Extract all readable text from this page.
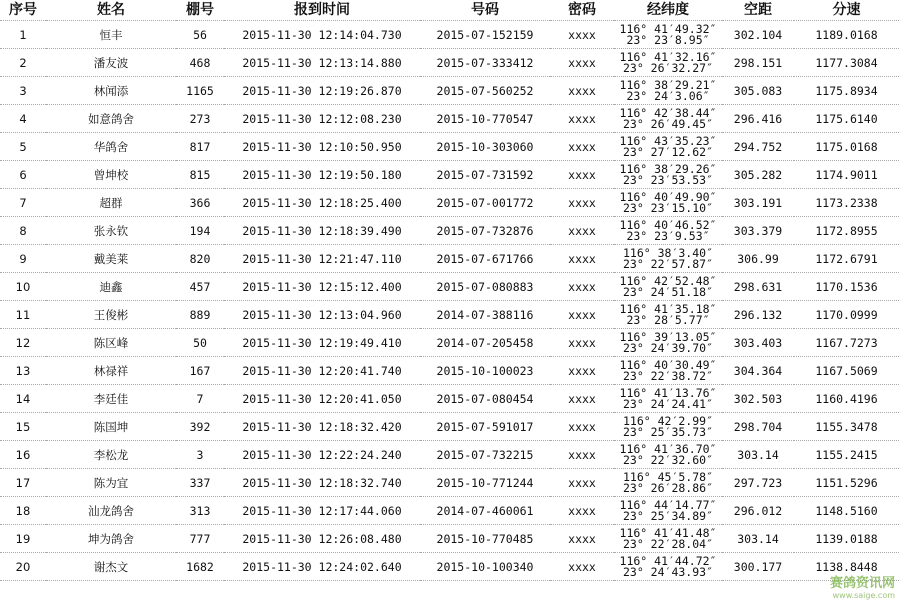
序号	姓名	棚号	报到时间	号码	密码	经纬度	空距	分速
1	恒丰	56	2015-11-30 12:14:04.730	2015-07-152159	xxxx	116° 41′49.32″
23° 23′8.95″	302.104	1189.0168
2	潘友波	468	2015-11-30 12:13:14.880	2015-07-333412	xxxx	116° 41′32.16″
23° 26′32.27″	298.151	1177.3084
3	林闻添	1165	2015-11-30 12:19:26.870	2015-07-560252	xxxx	116° 38′29.21″
23° 24′3.06″	305.083	1175.8934
4	如意鸽舍	273	2015-11-30 12:12:08.230	2015-10-770547	xxxx	116° 42′38.44″
23° 26′49.45″	296.416	1175.6140
5	华鸽舍	817	2015-11-30 12:10:50.950	2015-10-303060	xxxx	116° 43′35.23″
23° 27′12.62″	294.752	1175.0168
6	曾坤校	815	2015-11-30 12:19:50.180	2015-07-731592	xxxx	116° 38′29.26″
23° 23′53.53″	305.282	1174.9011
7	超群	366	2015-11-30 12:18:25.400	2015-07-001772	xxxx	116° 40′49.90″
23° 23′15.10″	303.191	1173.2338
8	张永钦	194	2015-11-30 12:18:39.490	2015-07-732876	xxxx	116° 40′46.52″
23° 23′9.53″	303.379	1172.8955
9	戴美莱	820	2015-11-30 12:21:47.110	2015-07-671766	xxxx	116° 38′3.40″
23° 22′57.87″	306.99	1172.6791
10	迪鑫	457	2015-11-30 12:15:12.400	2015-07-080883	xxxx	116° 42′52.48″
23° 24′51.18″	298.631	1170.1536
11	王俊彬	889	2015-11-30 12:13:04.960	2014-07-388116	xxxx	116° 41′35.18″
23° 28′5.77″	296.132	1170.0999
12	陈区峰	50	2015-11-30 12:19:49.410	2014-07-205458	xxxx	116° 39′13.05″
23° 24′39.70″	303.403	1167.7273
13	林禄祥	167	2015-11-30 12:20:41.740	2015-10-100023	xxxx	116° 40′30.49″
23° 22′38.72″	304.364	1167.5069
14	李廷佳	7	2015-11-30 12:20:41.050	2015-07-080454	xxxx	116° 41′13.76″
23° 24′24.41″	302.503	1160.4196
15	陈国坤	392	2015-11-30 12:18:32.420	2015-07-591017	xxxx	116° 42′2.99″
23° 25′35.73″	298.704	1155.3478
16	李松龙	3	2015-11-30 12:22:24.240	2015-07-732215	xxxx	116° 41′36.70″
23° 22′32.60″	303.14	1155.2415
17	陈为宜	337	2015-11-30 12:18:32.740	2015-10-771244	xxxx	116° 45′5.78″
23° 26′28.86″	297.723	1151.5296
18	汕龙鸽舍	313	2015-11-30 12:17:44.060	2014-07-460061	xxxx	116° 44′14.77″
23° 25′34.89″	296.012	1148.5160
19	坤为鸽舍	777	2015-11-30 12:26:08.480	2015-10-770485	xxxx	116° 41′41.48″
23° 22′28.04″	303.14	1139.0188
20	谢杰文	1682	2015-11-30 12:24:02.640	2015-10-100340	xxxx	116° 41′44.72″
23° 24′43.93″	300.177	1138.8448
赛鸽资讯网
www.saige.com
